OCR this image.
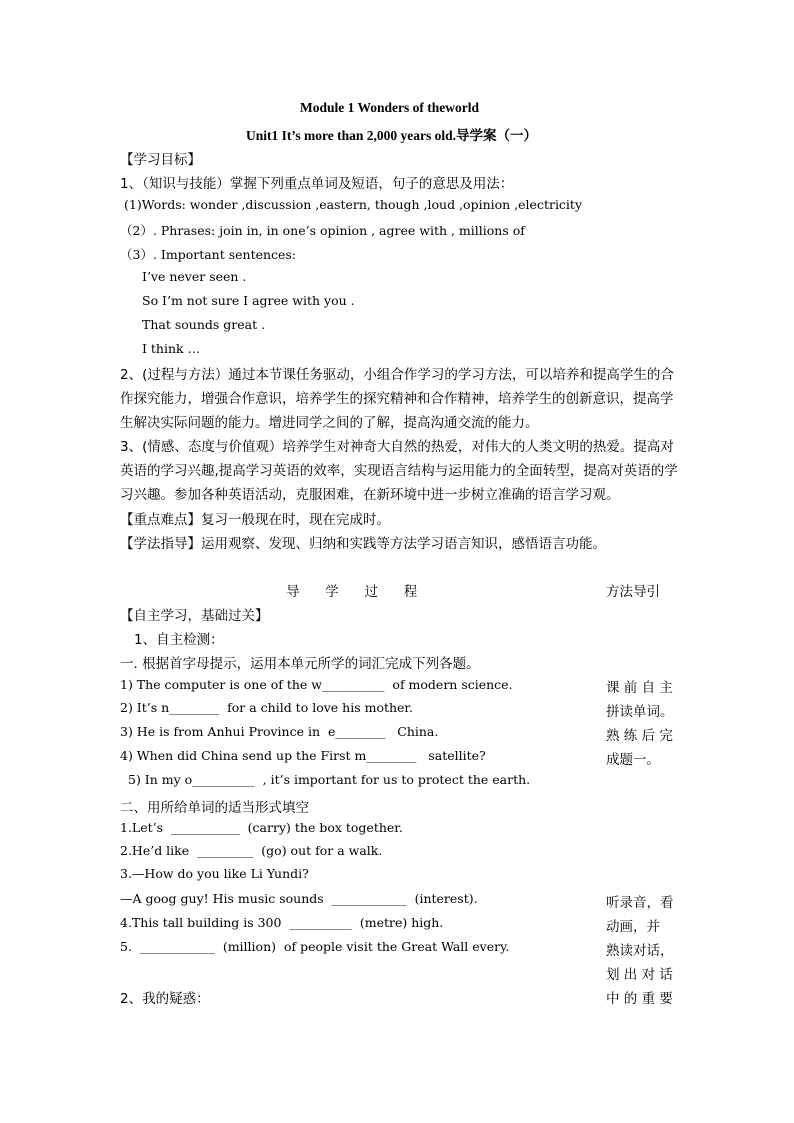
Module 1 Wonders of theworld
Unit1 It’s more than 2,000 years old.导学案（一）
【学习目标】
1、（知识与技能）掌握下列重点单词及短语，句子的意思及用法：
(1)Words: wonder ,discussion ,eastern, though ,loud ,opinion ,electricity
（2）. Phrases: join in, in one’s opinion , agree with , millions of
（3）. Important sentences:
I’ve never seen .
So I’m not sure I agree with you .
That sounds great .
I think …
2、(过程与方法）通过本节课任务驱动，小组合作学习的学习方法，可以培养和提高学生的合作探究能力，增强合作意识，培养学生的探究精神和合作精神，培养学生的创新意识，提高学生解决实际问题的能力。增进同学之间的了解，提高沟通交流的能力。
3、(情感、态度与价值观）培养学生对神奇大自然的热爱，对伟大的人类文明的热爱。提高对英语的学习兴趣,提高学习英语的效率，实现语言结构与运用能力的全面转型，提高对英语的学习兴趣。参加各种英语活动，克服困难，在新环境中进一步树立准确的语言学习观。
【重点难点】复习一般现在时，现在完成时。
【学法指导】运用观察、发现、归纳和实践等方法学习语言知识，感悟语言功能。
导      学      过      程	方法导引
【自主学习，基础过关】
1、自主检测：
一. 根据首字母提示，运用本单元所学的词汇完成下列各题。
1) The computer is one of the w__________  of modern science.
2) It’s n________  for a child to love his mother.
3) He is from Anhui Province in  e________   China.
4) When did China send up the First m________   satellite?
5) In my o__________  , it’s important for us to protect the earth.
二、用所给单词的适当形式填空
1.Let’s  ___________  (carry) the box together.
2.He’d like  _________  (go) out for a walk.
3.—How do you like Li Yundi?
—A goog guy! His music sounds  ____________  (interest).
4.This tall building is 300  __________  (metre) high.
5.  ____________  (million)  of people visit the Great Wall every.
2、我的疑惑：
课 前 自 主
拼读单词。
熟 练 后 完
成题一。
听录音，看
动画，并
熟读对话，
划 出 对 话
中 的 重 要
